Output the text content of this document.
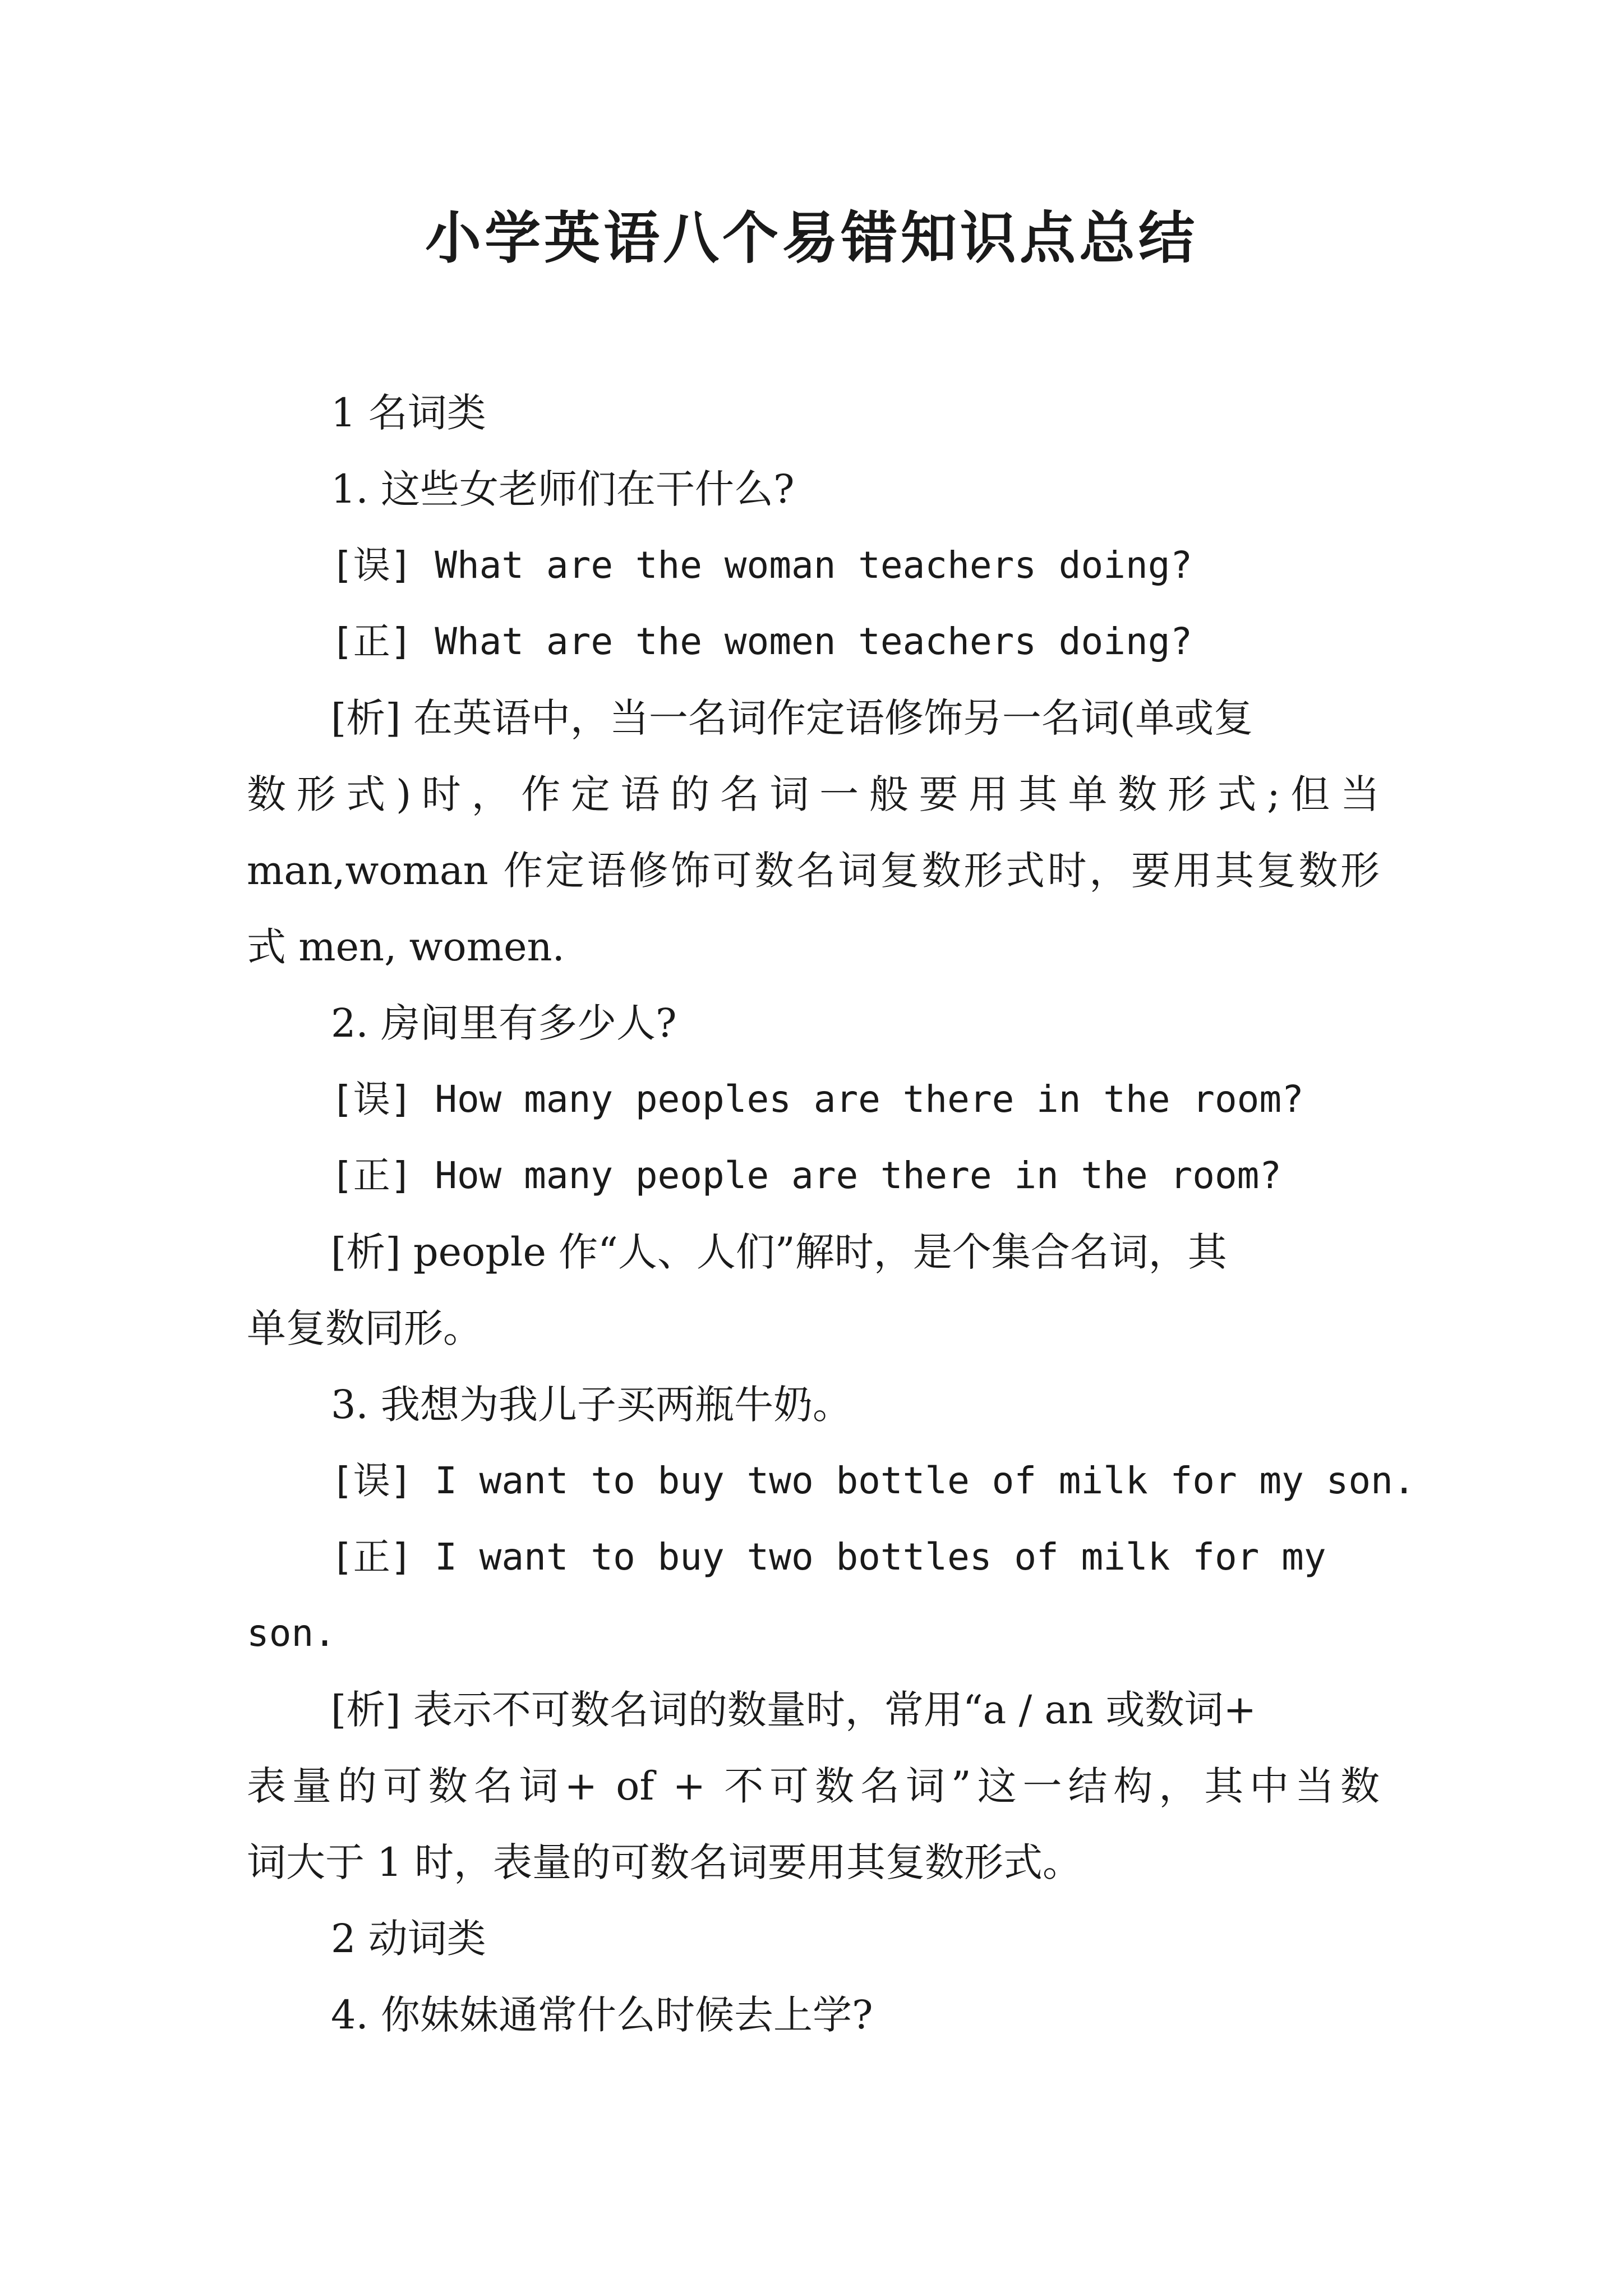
小学英语八个易错知识点总结
1 名词类
1. 这些女老师们在干什么?
[误] What are the woman teachers doing?
[正] What are the women teachers doing?
[析] 在英语中，当一名词作定语修饰另一名词(单或复
数形式)时，作定语的名词一般要用其单数形式;但当
man,woman 作定语修饰可数名词复数形式时，要用其复数形
式 men, women.
2. 房间里有多少人?
[误] How many peoples are there in the room?
[正] How many people are there in the room?
[析] people 作“人、人们”解时，是个集合名词，其
单复数同形。
3. 我想为我儿子买两瓶牛奶。
[误] I want to buy two bottle of milk for my son.
[正] I want to buy two bottles of milk for my
son.
[析] 表示不可数名词的数量时，常用“a / an 或数词+
表量的可数名词+ of + 不可数名词”这一结构，其中当数
词大于 1 时，表量的可数名词要用其复数形式。
2 动词类
4. 你妹妹通常什么时候去上学?
